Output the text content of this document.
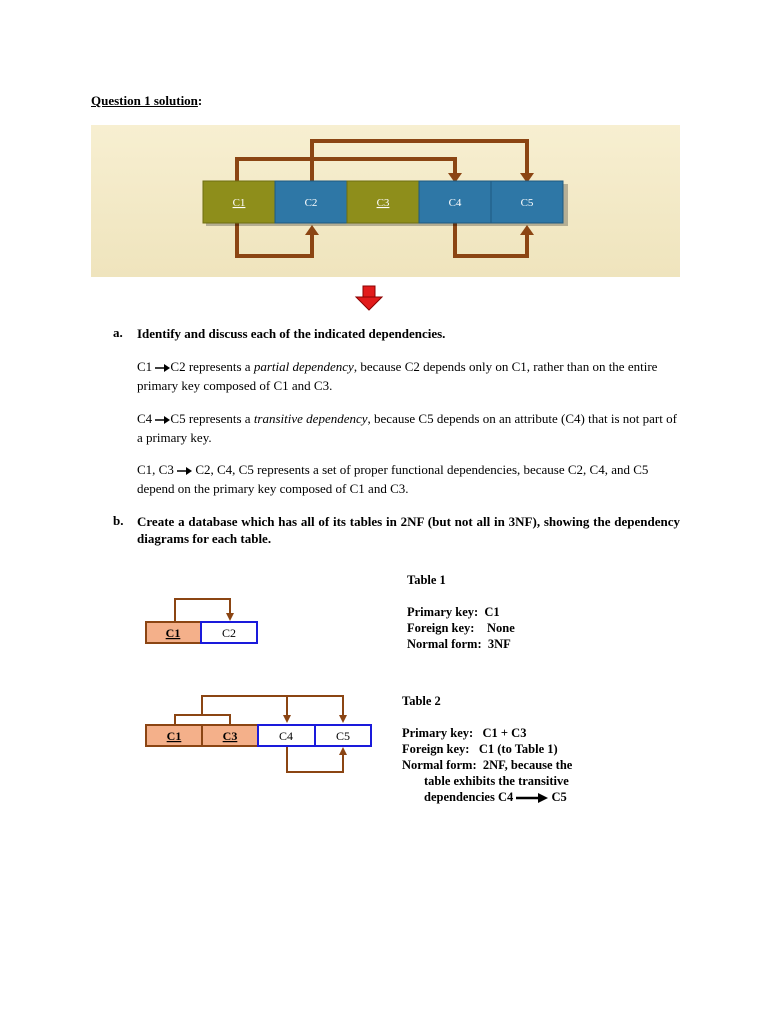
Question 1 solution:
C1	C2	C3	C4	C5
a. Identify and discuss each of the indicated dependencies.
C1 C2 represents a partial dependency, because C2 depends only on C1, rather than on the entire primary key composed of C1 and C3.
C4 C5 represents a transitive dependency, because C5 depends on an attribute (C4) that is not part of a primary key.
C1, C3 C2, C4, C5 represents a set of proper functional dependencies, because C2, C4, and C5 depend on the primary key composed of C1 and C3.
b. Create a database which has all of its tables in 2NF (but not all in 3NF), showing the dependency diagrams for each table.
C1	C2
Table 1
Primary key: C1
Foreign key: None
Normal form: 3NF
C1	C3	C4	C5
Table 2
Primary key: C1 + C3
Foreign key: C1 (to Table 1)
Normal form: 2NF, because the
table exhibits the transitive
dependencies C4	C5
